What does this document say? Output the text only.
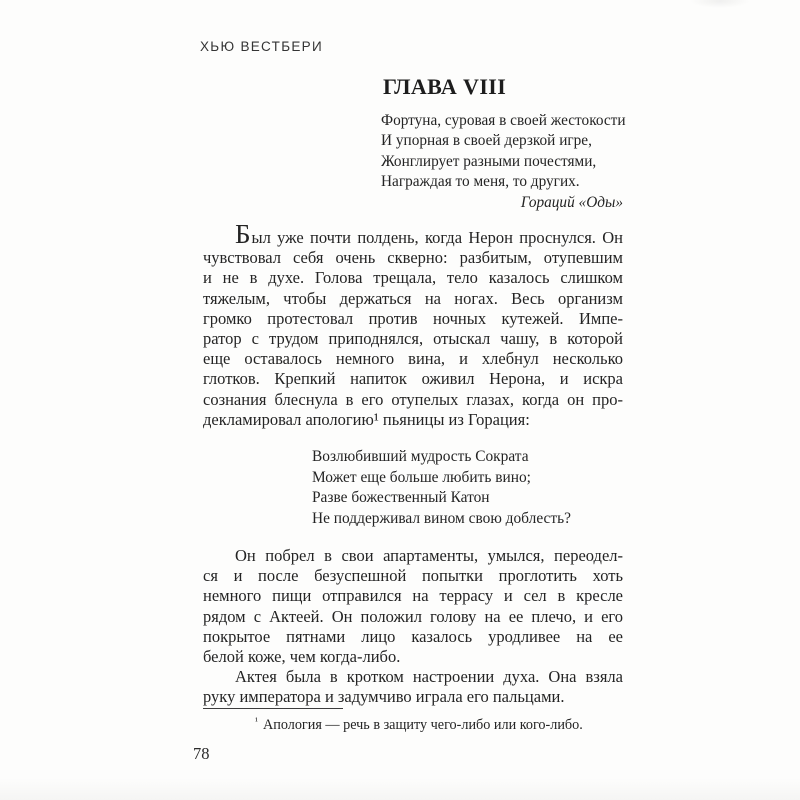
ХЬЮ ВЕСТБЕРИ
ГЛАВА VIII
Фортуна, суровая в своей жестокости
И упорная в своей дерзкой игре,
Жонглирует разными почестями,
Награждая то меня, то других.
Гораций «Оды»
Был уже почти полдень, когда Нерон проснулся. Он
чувствовал себя очень скверно: разбитым, отупевшим
и не в духе. Голова трещала, тело казалось слишком
тяжелым, чтобы держаться на ногах. Весь организм
громко протестовал против ночных кутежей. Импе-
ратор с трудом приподнялся, отыскал чашу, в которой
еще оставалось немного вина, и хлебнул несколько
глотков. Крепкий напиток оживил Нерона, и искра
сознания блеснула в его отупелых глазах, когда он про-
декламировал апологию¹ пьяницы из Горация:
Возлюбивший мудрость Сократа
Может еще больше любить вино;
Разве божественный Катон
Не поддерживал вином свою доблесть?
Он побрел в свои апартаменты, умылся, переодел-
ся и после безуспешной попытки проглотить хоть
немного пищи отправился на террасу и сел в кресле
рядом с Актеей. Он положил голову на ее плечо, и его
покрытое пятнами лицо казалось уродливее на ее
белой коже, чем когда-либо.
Актея была в кротком настроении духа. Она взяла
руку императора и задумчиво играла его пальцами.
$^{^1}$ Апология — речь в защиту чего-либо или кого-либо.
78
